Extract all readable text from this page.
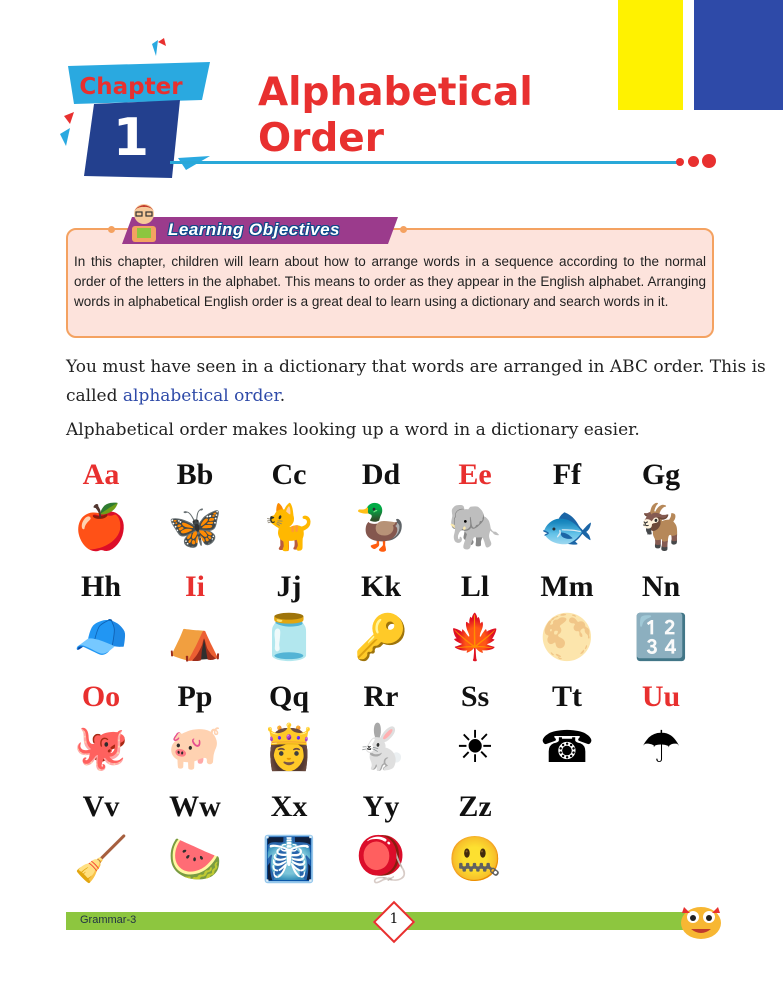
Chapter
1
Alphabetical
Order
Learning Objectives
In this chapter, children will learn about how to arrange words in a sequence according to the normal order of the letters in the alphabet. This means to order as they appear in the English alphabet. Arranging words in alphabetical English order is a great deal to learn using a dictionary and search words in it.
You must have seen in a dictionary that words are arranged in ABC order. This is
called alphabetical order.
Alphabetical order makes looking up a word in a dictionary easier.
Aa
🍎
Bb
🦋
Cc
🐈
Dd
🦆
Ee
🐘
Ff
🐟
Gg
🐐
Hh
🧢
Ii
⛺
Jj
🫙
Kk
🔑
Ll
🍁
Mm
🌕
Nn
🔢
Oo
🐙
Pp
🐖
Qq
👸
Rr
🐇
Ss
☀
Tt
☎
Uu
☂
Vv
🧹
Ww
🍉
Xx
🩻
Yy
🪀
Zz
🤐
Grammar-3	1
